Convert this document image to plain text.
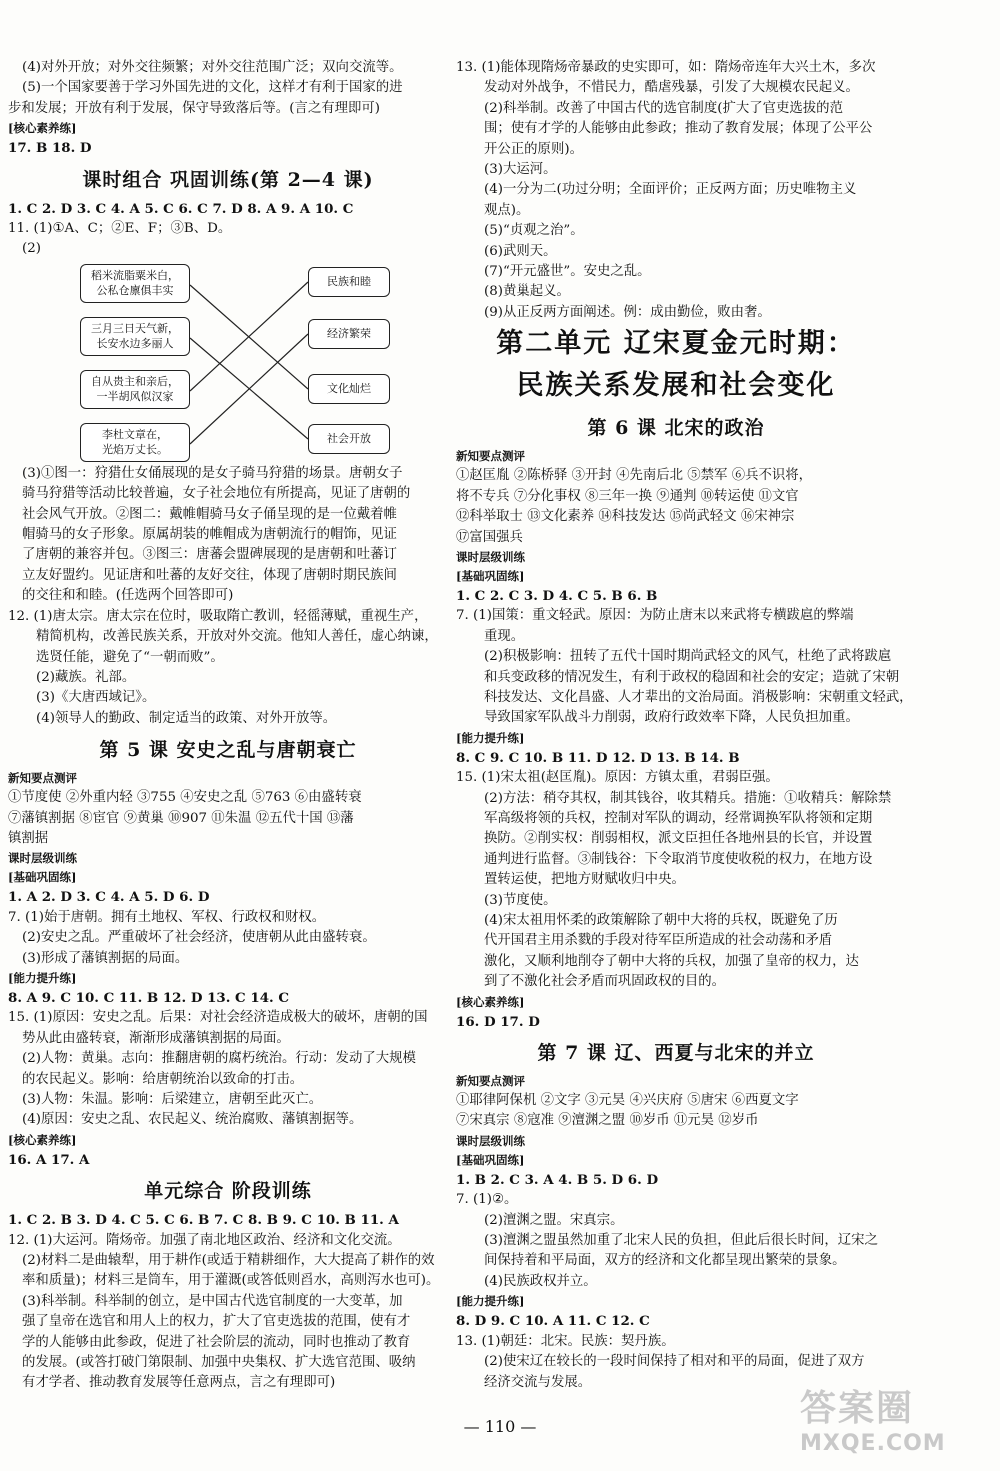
(4)对外开放；对外交往频繁；对外交往范围广泛；双向交流等。
(5)一个国家要善于学习外国先进的文化，这样才有利于国家的进
步和发展；开放有利于发展，保守导致落后等。(言之有理即可)
[核心素养练]
17. B 18. D
课时组合 巩固训练(第 2—4 课)
1. C 2. D 3. C 4. A 5. C 6. C 7. D 8. A 9. A 10. C
11. (1)①A、C；②E、F；③B、D。
(2)
稻米流脂粟米白，
公私仓廪俱丰实
三月三日天气新，
长安水边多丽人
自从贵主和亲后，
一半胡风似汉家
李杜文章在，
光焰万丈长。
民族和睦
经济繁荣
文化灿烂
社会开放
(3)①图一：狩猎仕女俑展现的是女子骑马狩猎的场景。唐朝女子
骑马狩猎等活动比较普遍，女子社会地位有所提高，见证了唐朝的
社会风气开放。②图二：戴帷帽骑马女子俑呈现的是一位戴着帷
帽骑马的女子形象。原属胡装的帷帽成为唐朝流行的帽饰，见证
了唐朝的兼容并包。③图三：唐蕃会盟碑展现的是唐朝和吐蕃订
立友好盟约。见证唐和吐蕃的友好交往，体现了唐朝时期民族间
的交往和和睦。(任选两个回答即可)
12. (1)唐太宗。唐太宗在位时，吸取隋亡教训，轻徭薄赋，重视生产，
精简机构，改善民族关系，开放对外交流。他知人善任，虚心纳谏，
选贤任能，避免了“一朝而败”。
(2)藏族。礼部。
(3)《大唐西域记》。
(4)领导人的勤政、制定适当的政策、对外开放等。
第 5 课 安史之乱与唐朝衰亡
新知要点测评
①节度使 ②外重内轻 ③755 ④安史之乱 ⑤763 ⑥由盛转衰
⑦藩镇割据 ⑧宦官 ⑨黄巢 ⑩907 ⑪朱温 ⑫五代十国 ⑬藩
镇割据
课时层级训练
[基础巩固练]
1. A 2. D 3. C 4. A 5. D 6. D
7. (1)始于唐朝。拥有土地权、军权、行政权和财权。
(2)安史之乱。严重破坏了社会经济，使唐朝从此由盛转衰。
(3)形成了藩镇割据的局面。
[能力提升练]
8. A 9. C 10. C 11. B 12. D 13. C 14. C
15. (1)原因：安史之乱。后果：对社会经济造成极大的破坏，唐朝的国
势从此由盛转衰，渐渐形成藩镇割据的局面。
(2)人物：黄巢。志向：推翻唐朝的腐朽统治。行动：发动了大规模
的农民起义。影响：给唐朝统治以致命的打击。
(3)人物：朱温。影响：后梁建立，唐朝至此灭亡。
(4)原因：安史之乱、农民起义、统治腐败、藩镇割据等。
[核心素养练]
16. A 17. A
单元综合 阶段训练
1. C 2. B 3. D 4. C 5. C 6. B 7. C 8. B 9. C 10. B 11. A
12. (1)大运河。隋炀帝。加强了南北地区政治、经济和文化交流。
(2)材料二是曲辕犁，用于耕作(或适于精耕细作，大大提高了耕作的效
率和质量)；材料三是筒车，用于灌溉(或答低则舀水，高则泻水也可)。
(3)科举制。科举制的创立，是中国古代选官制度的一大变革，加
强了皇帝在选官和用人上的权力，扩大了官吏选拔的范围，使有才
学的人能够由此参政，促进了社会阶层的流动，同时也推动了教育
的发展。(或答打破门第限制、加强中央集权、扩大选官范围、吸纳
有才学者、推动教育发展等任意两点，言之有理即可)
13. (1)能体现隋炀帝暴政的史实即可，如：隋炀帝连年大兴土木，多次
发动对外战争，不惜民力，酷虐残暴，引发了大规模农民起义。
(2)科举制。改善了中国古代的选官制度(扩大了官吏选拔的范
围；使有才学的人能够由此参政；推动了教育发展；体现了公平公
开公正的原则)。
(3)大运河。
(4)一分为二(功过分明；全面评价；正反两方面；历史唯物主义
观点)。
(5)“贞观之治”。
(6)武则天。
(7)“开元盛世”。安史之乱。
(8)黄巢起义。
(9)从正反两方面阐述。例：成由勤俭，败由奢。
第二单元 辽宋夏金元时期：
民族关系发展和社会变化
第 6 课 北宋的政治
新知要点测评
①赵匡胤 ②陈桥驿 ③开封 ④先南后北 ⑤禁军 ⑥兵不识将，
将不专兵 ⑦分化事权 ⑧三年一换 ⑨通判 ⑩转运使 ⑪文官
⑫科举取士 ⑬文化素养 ⑭科技发达 ⑮尚武轻文 ⑯宋神宗
⑰富国强兵
课时层级训练
[基础巩固练]
1. C 2. C 3. D 4. C 5. B 6. B
7. (1)国策：重文轻武。原因：为防止唐末以来武将专横跋扈的弊端
重现。
(2)积极影响：扭转了五代十国时期尚武轻文的风气，杜绝了武将跋扈
和兵变政移的情况发生，有利于政权的稳固和社会的安定；造就了宋朝
科技发达、文化昌盛、人才辈出的文治局面。消极影响：宋朝重文轻武，
导致国家军队战斗力削弱，政府行政效率下降，人民负担加重。
[能力提升练]
8. C 9. C 10. B 11. D 12. D 13. B 14. B
15. (1)宋太祖(赵匡胤)。原因：方镇太重，君弱臣强。
(2)方法：稍夺其权，制其钱谷，收其精兵。措施：①收精兵：解除禁
军高级将领的兵权，控制对军队的调动，经常调换军队将领和定期
换防。②削实权：削弱相权，派文臣担任各地州县的长官，并设置
通判进行监督。③制钱谷：下令取消节度使收税的权力，在地方设
置转运使，把地方财赋收归中央。
(3)节度使。
(4)宋太祖用怀柔的政策解除了朝中大将的兵权，既避免了历
代开国君主用杀戮的手段对待军臣所造成的社会动荡和矛盾
激化，又顺利地削夺了朝中大将的兵权，加强了皇帝的权力，达
到了不激化社会矛盾而巩固政权的目的。
[核心素养练]
16. D 17. D
第 7 课 辽、西夏与北宋的并立
新知要点测评
①耶律阿保机 ②文字 ③元昊 ④兴庆府 ⑤唐宋 ⑥西夏文字
⑦宋真宗 ⑧寇准 ⑨澶渊之盟 ⑩岁币 ⑪元昊 ⑫岁币
课时层级训练
[基础巩固练]
1. B 2. C 3. A 4. B 5. D 6. D
7. (1)②。
(2)澶渊之盟。宋真宗。
(3)澶渊之盟虽然加重了北宋人民的负担，但此后很长时间，辽宋之
间保持着和平局面，双方的经济和文化都呈现出繁荣的景象。
(4)民族政权并立。
[能力提升练]
8. D 9. C 10. A 11. C 12. C
13. (1)朝廷：北宋。民族：契丹族。
(2)使宋辽在较长的一段时间保持了相对和平的局面，促进了双方
经济交流与发展。
— 110 —	答案圈
MXQE.COM
